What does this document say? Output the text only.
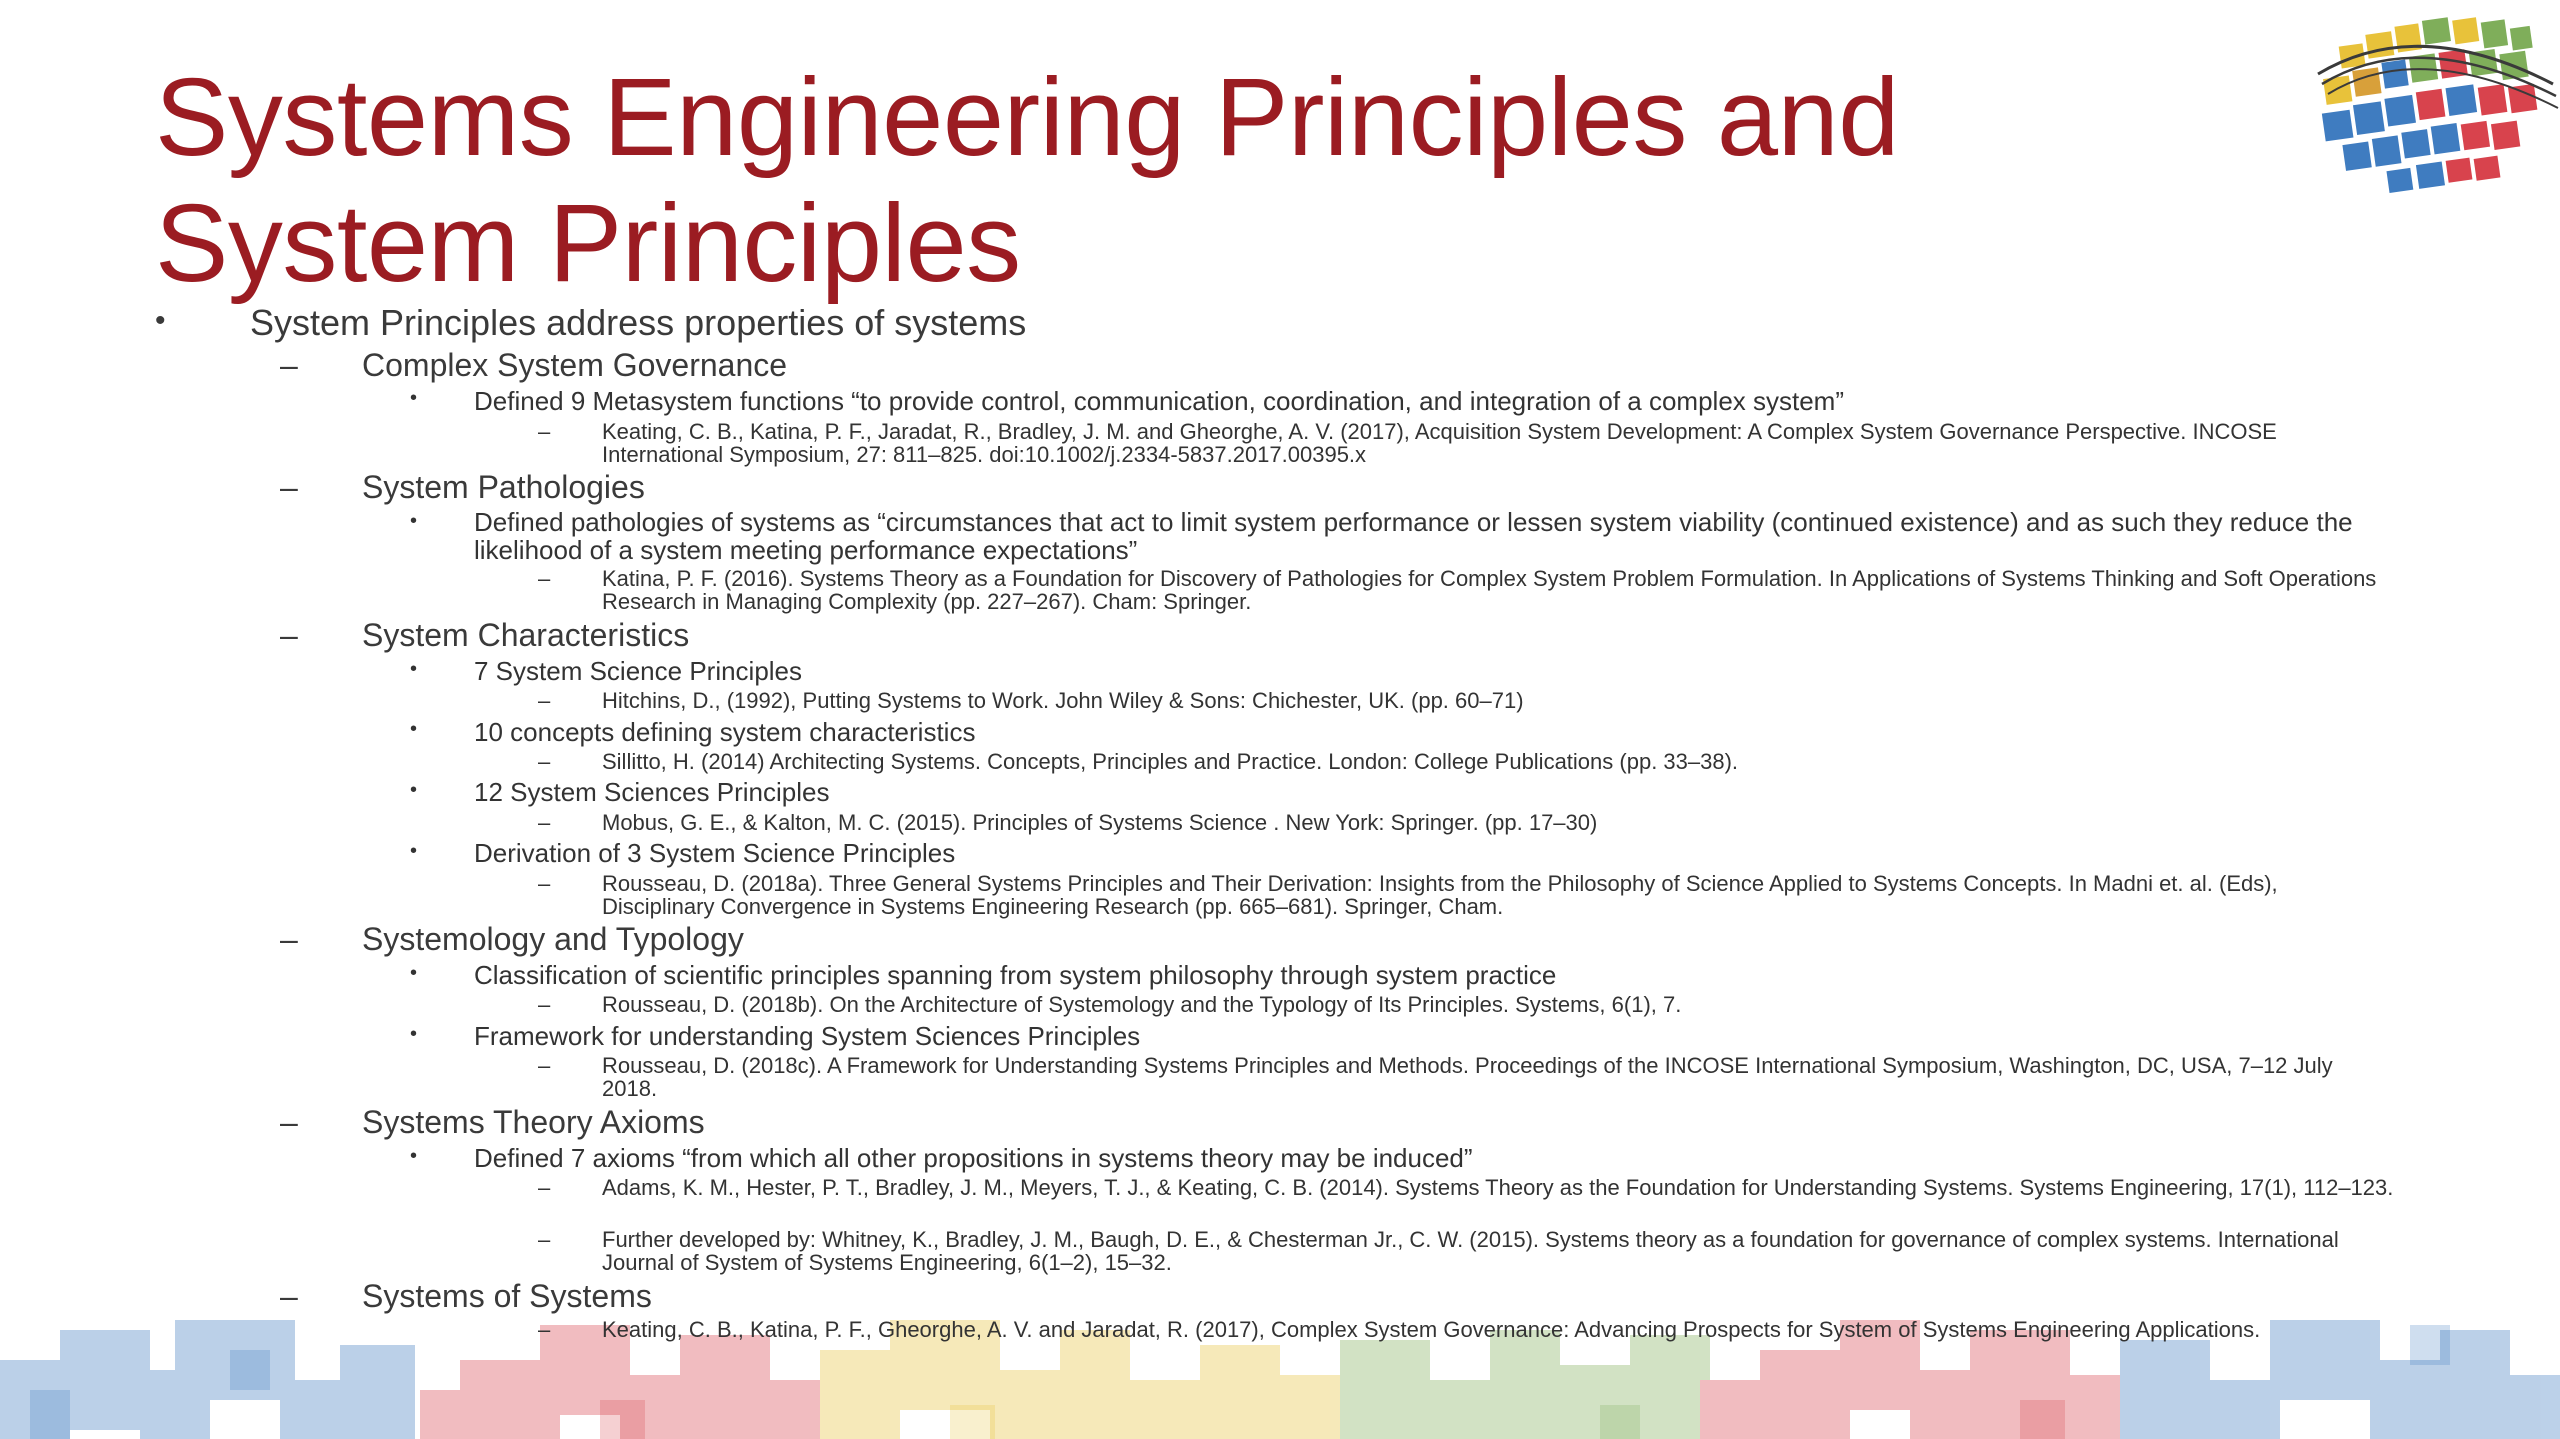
Systems Engineering Principles and System Principles
• System Principles address properties of systems
– Complex System Governance
• Defined 9 Metasystem functions “to provide control, communication, coordination, and integration of a complex system”
– Keating, C. B., Katina, P. F., Jaradat, R., Bradley, J. M. and Gheorghe, A. V. (2017), Acquisition System Development: A Complex System Governance Perspective. INCOSE International Symposium, 27: 811–825. doi:10.1002/j.2334-5837.2017.00395.x
– System Pathologies
• Defined pathologies of systems as “circumstances that act to limit system performance or lessen system viability (continued existence) and as such they reduce the likelihood of a system meeting performance expectations”
– Katina, P. F. (2016). Systems Theory as a Foundation for Discovery of Pathologies for Complex System Problem Formulation. In Applications of Systems Thinking and Soft Operations Research in Managing Complexity (pp. 227–267). Cham: Springer.
– System Characteristics
• 7 System Science Principles
– Hitchins, D., (1992), Putting Systems to Work. John Wiley & Sons: Chichester, UK. (pp. 60–71)
• 10 concepts defining system characteristics
– Sillitto, H. (2014) Architecting Systems. Concepts, Principles and Practice. London: College Publications (pp. 33–38).
• 12 System Sciences Principles
– Mobus, G. E., & Kalton, M. C. (2015). Principles of Systems Science . New York: Springer. (pp. 17–30)
• Derivation of 3 System Science Principles
– Rousseau, D. (2018a). Three General Systems Principles and Their Derivation: Insights from the Philosophy of Science Applied to Systems Concepts. In Madni et. al. (Eds), Disciplinary Convergence in Systems Engineering Research (pp. 665–681). Springer, Cham.
– Systemology and Typology
• Classification of scientific principles spanning from system philosophy through system practice
– Rousseau, D. (2018b). On the Architecture of Systemology and the Typology of Its Principles. Systems, 6(1), 7.
• Framework for understanding System Sciences Principles
– Rousseau, D. (2018c). A Framework for Understanding Systems Principles and Methods. Proceedings of the INCOSE International Symposium, Washington, DC, USA, 7–12 July 2018.
– Systems Theory Axioms
• Defined 7 axioms “from which all other propositions in systems theory may be induced”
– Adams, K. M., Hester, P. T., Bradley, J. M., Meyers, T. J., & Keating, C. B. (2014). Systems Theory as the Foundation for Understanding Systems. Systems Engineering, 17(1), 112–123.
– Further developed by: Whitney, K., Bradley, J. M., Baugh, D. E., & Chesterman Jr., C. W. (2015). Systems theory as a foundation for governance of complex systems. International Journal of System of Systems Engineering, 6(1–2), 15–32.
– Systems of Systems
– Keating, C. B., Katina, P. F., Gheorghe, A. V. and Jaradat, R. (2017), Complex System Governance: Advancing Prospects for System of Systems Engineering Applications.
